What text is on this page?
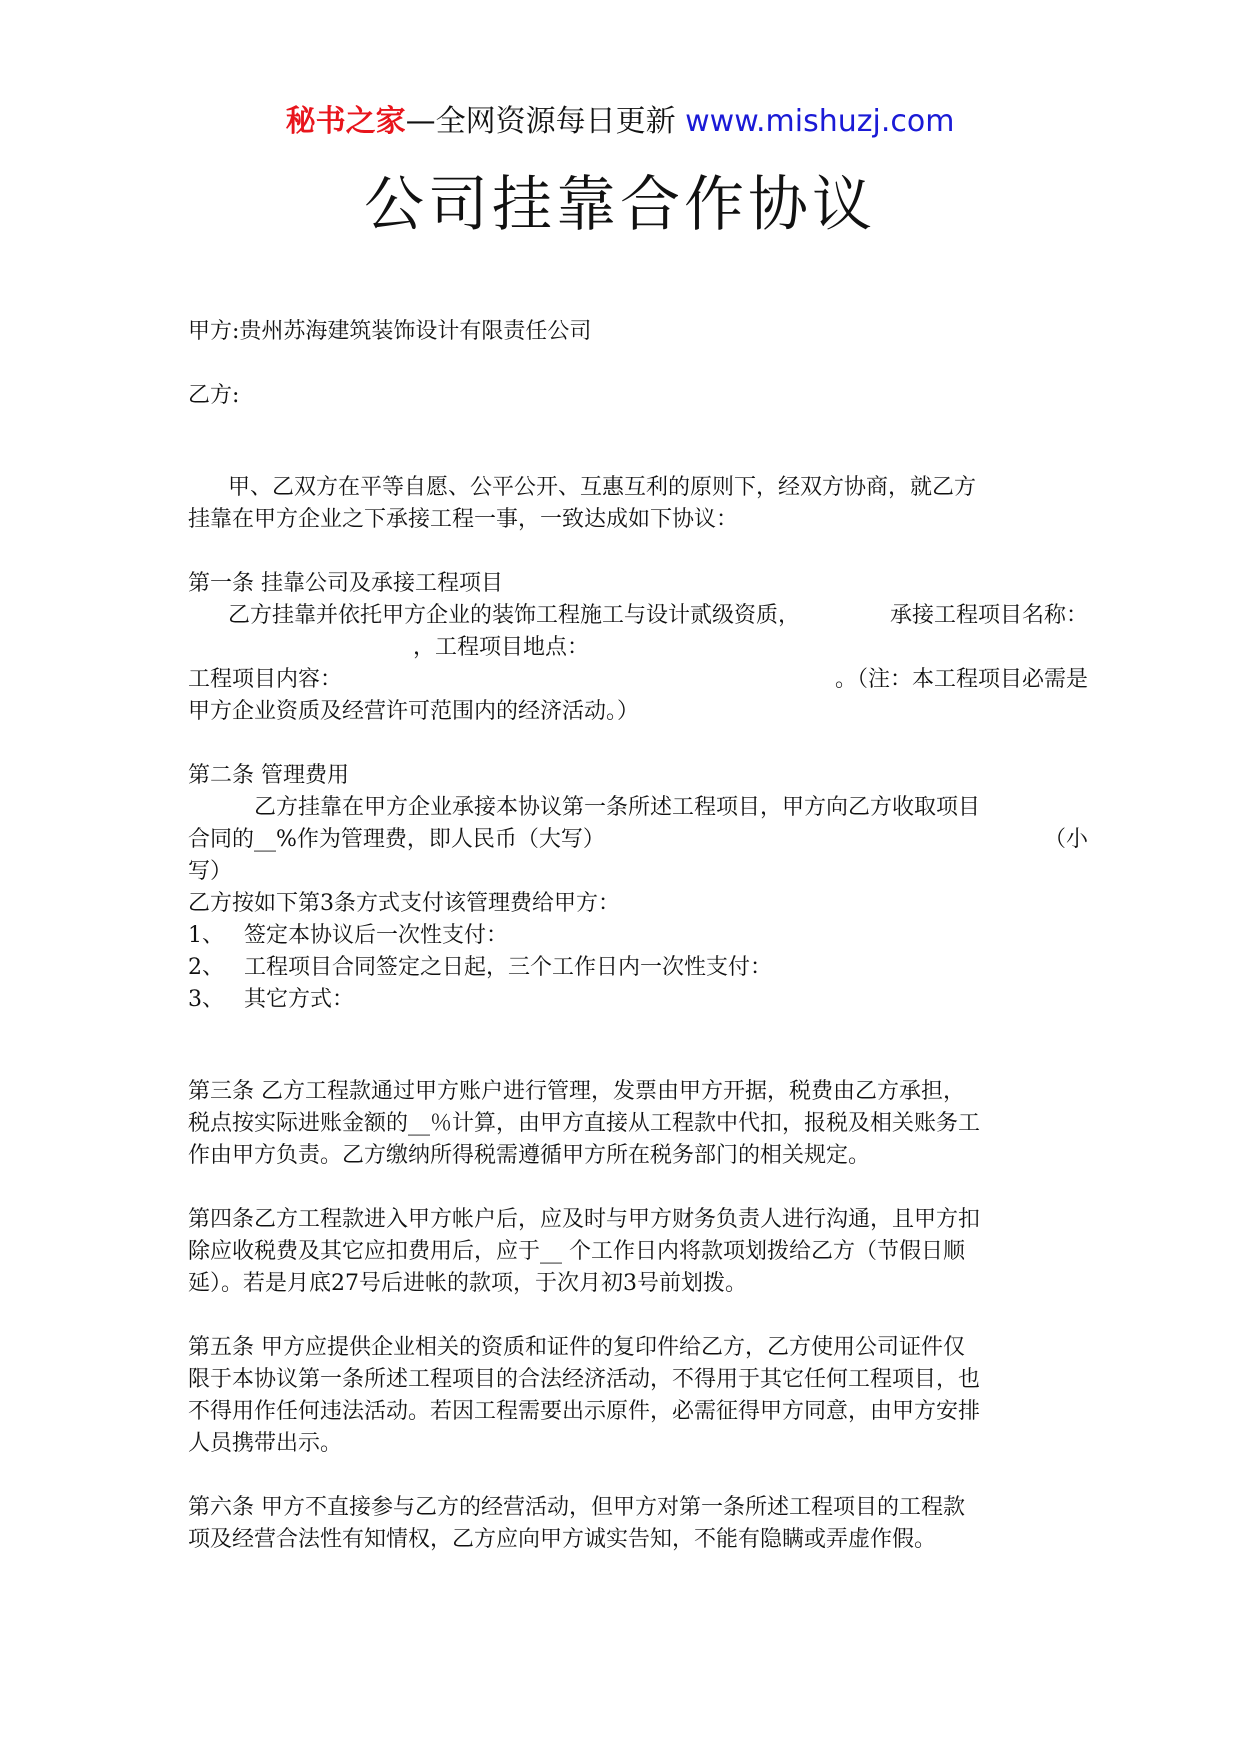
秘书之家—全网资源每日更新 www.mishuzj.com
公司挂靠合作协议
甲方:贵州苏海建筑装饰设计有限责任公司
乙方:
甲、乙双方在平等自愿、公平公开、互惠互利的原则下，经双方协商，就乙方
挂靠在甲方企业之下承接工程一事，一致达成如下协议：
第一条 挂靠公司及承接工程项目
乙方挂靠并依托甲方企业的装饰工程施工与设计贰级资质，	承接工程项目名称：
，工程项目地点：
工程项目内容：	。（注：本工程项目必需是
甲方企业资质及经营许可范围内的经济活动。）
第二条 管理费用
乙方挂靠在甲方企业承接本协议第一条所述工程项目，甲方向乙方收取项目
合同的__%作为管理费，即人民币（大写）	（小
写）
乙方按如下第3条方式支付该管理费给甲方：
1、 签定本协议后一次性支付：
2、 工程项目合同签定之日起，三个工作日内一次性支付：
3、 其它方式：
第三条 乙方工程款通过甲方账户进行管理，发票由甲方开据，税费由乙方承担，
税点按实际进账金额的__％计算，由甲方直接从工程款中代扣，报税及相关账务工
作由甲方负责。乙方缴纳所得税需遵循甲方所在税务部门的相关规定。
第四条乙方工程款进入甲方帐户后，应及时与甲方财务负责人进行沟通，且甲方扣
除应收税费及其它应扣费用后，应于__ 个工作日内将款项划拨给乙方（节假日顺
延）。若是月底27号后进帐的款项，于次月初3号前划拨。
第五条 甲方应提供企业相关的资质和证件的复印件给乙方，乙方使用公司证件仅
限于本协议第一条所述工程项目的合法经济活动，不得用于其它任何工程项目，也
不得用作任何违法活动。若因工程需要出示原件，必需征得甲方同意，由甲方安排
人员携带出示。
第六条 甲方不直接参与乙方的经营活动，但甲方对第一条所述工程项目的工程款
项及经营合法性有知情权，乙方应向甲方诚实告知，不能有隐瞒或弄虚作假。
